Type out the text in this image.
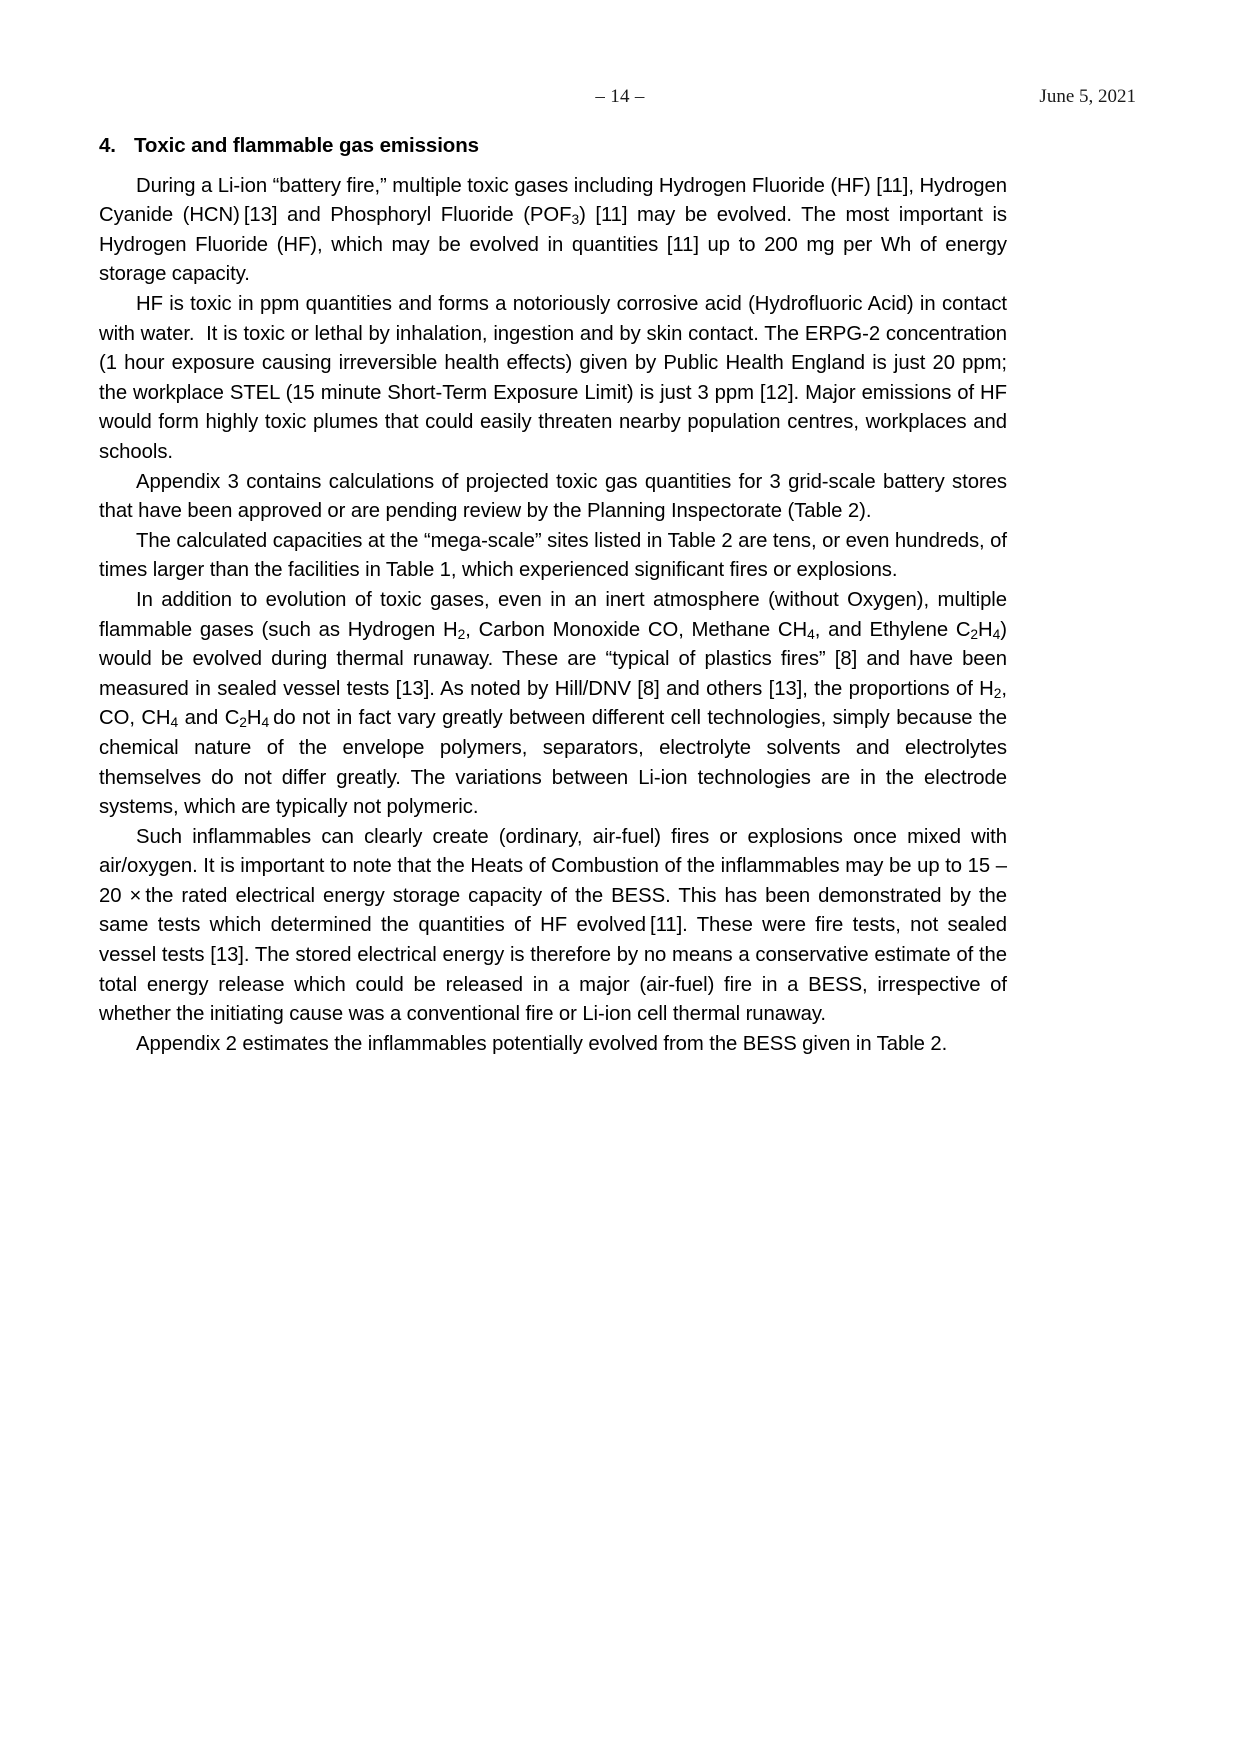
– 14 –	June 5, 2021
4. Toxic and flammable gas emissions

During a Li-ion “battery fire,” multiple toxic gases including Hydrogen Fluoride (HF) [11], Hydrogen Cyanide (HCN) [13] and Phosphoryl Fluoride $(POF_3)$ [11] may be evolved. The most important is Hydrogen Fluoride (HF), which may be evolved in quantities [11] up to 200 mg per Wh of energy storage capacity.

HF is toxic in ppm quantities and forms a notoriously corrosive acid (Hydrofluoric Acid) in contact with water.  It is toxic or lethal by inhalation, ingestion and by skin contact. The ERPG-2 concentration (1 hour exposure causing irreversible health effects) given by Public Health England is just 20 ppm; the workplace STEL (15 minute Short-Term Exposure Limit) is just 3 ppm [12]. Major emissions of HF would form highly toxic plumes that could easily threaten nearby population centres, workplaces and schools.

Appendix 3 contains calculations of projected toxic gas quantities for 3 grid-scale battery stores that have been approved or are pending review by the Planning Inspectorate (Table 2).

The calculated capacities at the “mega-scale” sites listed in Table 2 are tens, or even hundreds, of times larger than the facilities in Table 1, which experienced significant fires or explosions.

In addition to evolution of toxic gases, even in an inert atmosphere (without Oxygen), multiple flammable gases (such as Hydrogen $H_2$, Carbon Monoxide CO, Methane $CH_4$, and Ethylene $C_2H_4$) would be evolved during thermal runaway. These are “typical of plastics fires” [8] and have been measured in sealed vessel tests [13]. As noted by Hill/DNV [8] and others [13], the proportions of $H_2$, CO, $CH_4$ and $C_2H_4$ do not in fact vary greatly between different cell technologies, simply because the chemical nature of the envelope polymers, separators, electrolyte solvents and electrolytes themselves do not differ greatly. The variations between Li-ion technologies are in the electrode systems, which are typically not polymeric.

Such inflammables can clearly create (ordinary, air-fuel) fires or explosions once mixed with air/oxygen. It is important to note that the Heats of Combustion of the inflammables may be up to 15 – 20 × the rated electrical energy storage capacity of the BESS. This has been demonstrated by the same tests which determined the quantities of HF evolved [11]. These were fire tests, not sealed vessel tests [13]. The stored electrical energy is therefore by no means a conservative estimate of the total energy release which could be released in a major (air-fuel) fire in a BESS, irrespective of whether the initiating cause was a conventional fire or Li-ion cell thermal runaway.

Appendix 2 estimates the inflammables potentially evolved from the BESS given in Table 2.
